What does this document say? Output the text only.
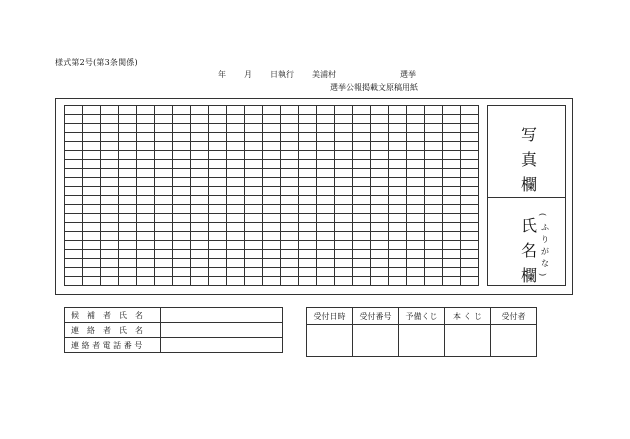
様式第2号(第3条関係)
年 月 日執行 美浦村	選挙
選挙公報掲載文原稿用紙
写
真
欄
氏
名
欄
(
ふ
り
が
な
)
候　補　者　氏　名	
連　絡　者　氏　名	
連 絡 者 電 話 番 号	
受付日時	受付番号	予備くじ	本 く じ	受付者
